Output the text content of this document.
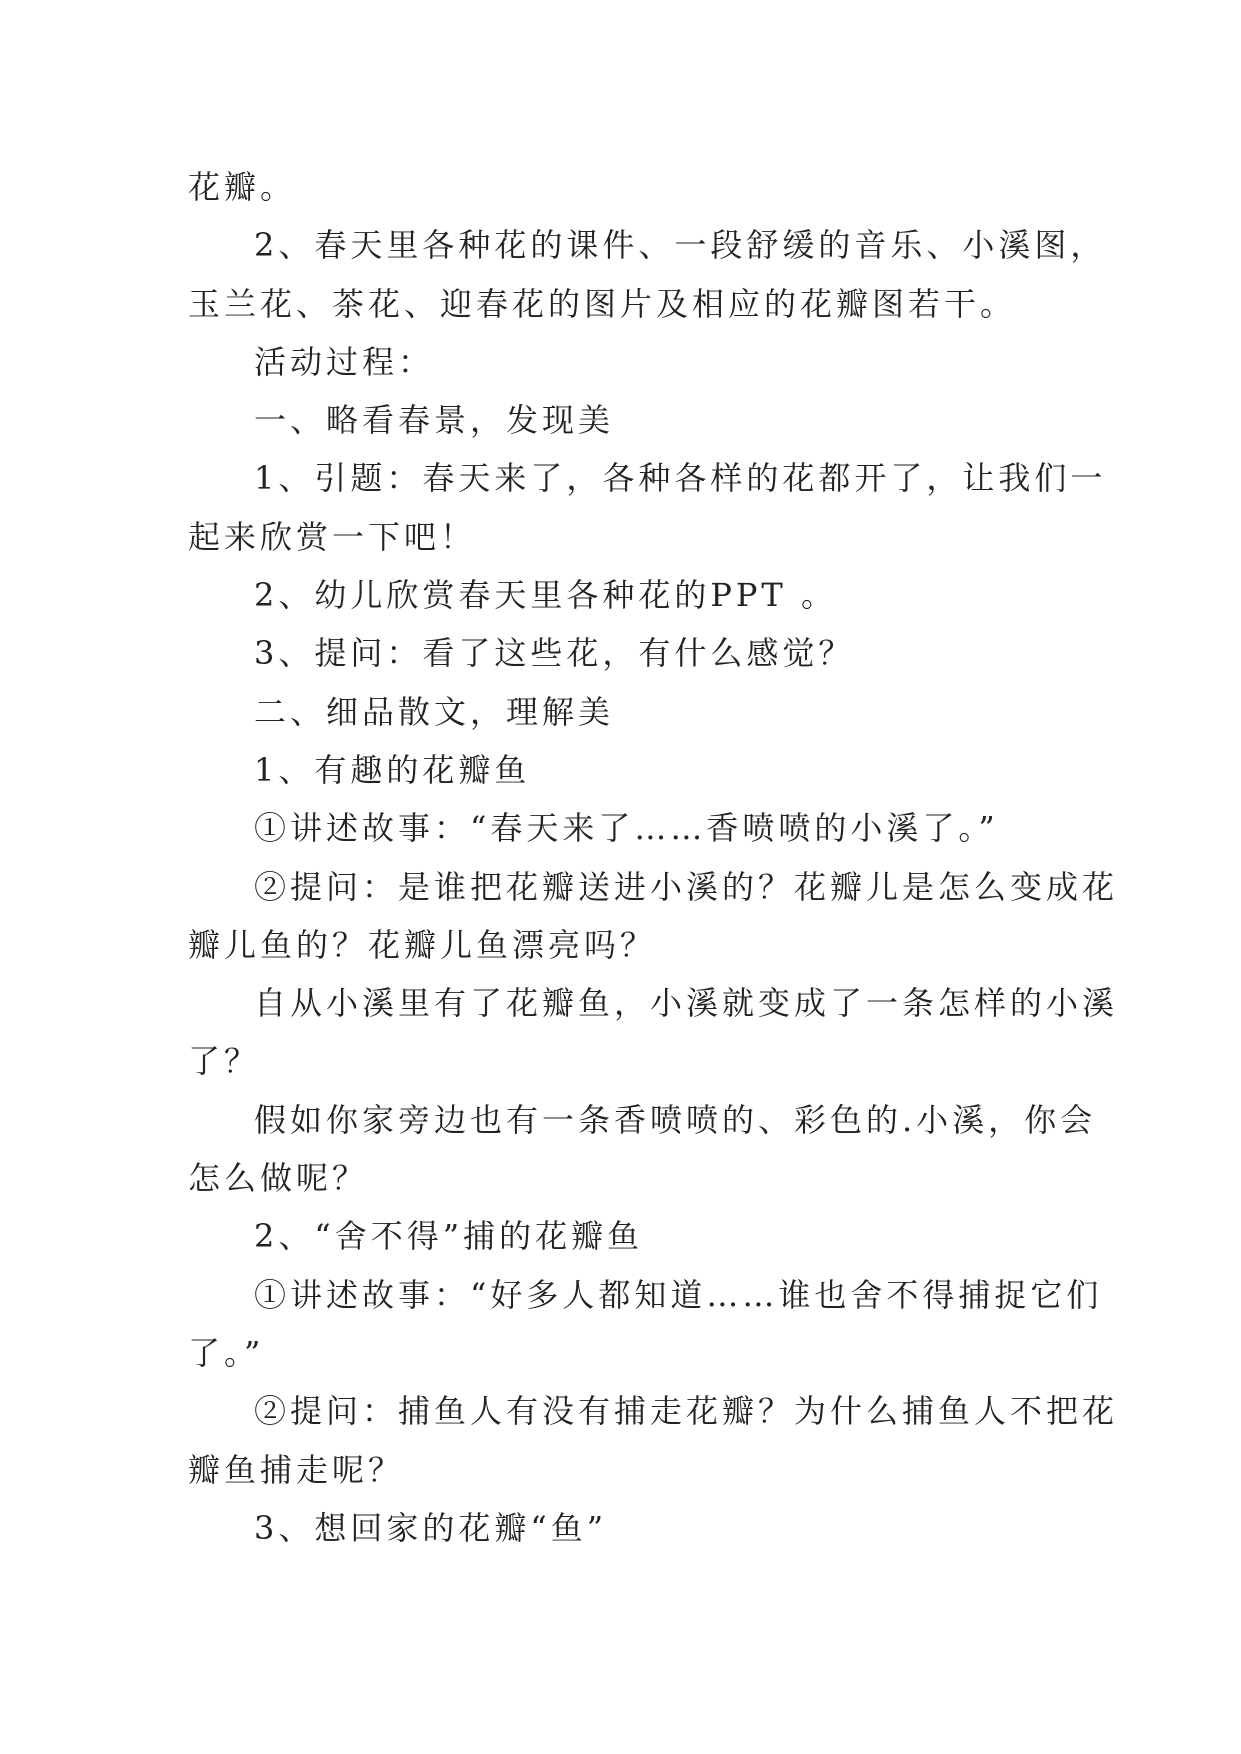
花瓣。
2、春天里各种花的课件、一段舒缓的音乐、小溪图，
玉兰花、茶花、迎春花的图片及相应的花瓣图若干。
活动过程：
一、略看春景，发现美
1、引题：春天来了，各种各样的花都开了，让我们一
起来欣赏一下吧！
2、幼儿欣赏春天里各种花的PPT 。
3、提问：看了这些花，有什么感觉？
二、细品散文，理解美
1、有趣的花瓣鱼
①讲述故事：“春天来了……香喷喷的小溪了。”
②提问：是谁把花瓣送进小溪的？花瓣儿是怎么变成花
瓣儿鱼的？花瓣儿鱼漂亮吗？
自从小溪里有了花瓣鱼，小溪就变成了一条怎样的小溪
了？
假如你家旁边也有一条香喷喷的、彩色的.小溪，你会
怎么做呢？
2、“舍不得”捕的花瓣鱼
①讲述故事：“好多人都知道……谁也舍不得捕捉它们
了。”
②提问：捕鱼人有没有捕走花瓣？为什么捕鱼人不把花
瓣鱼捕走呢？
3、想回家的花瓣“鱼”
